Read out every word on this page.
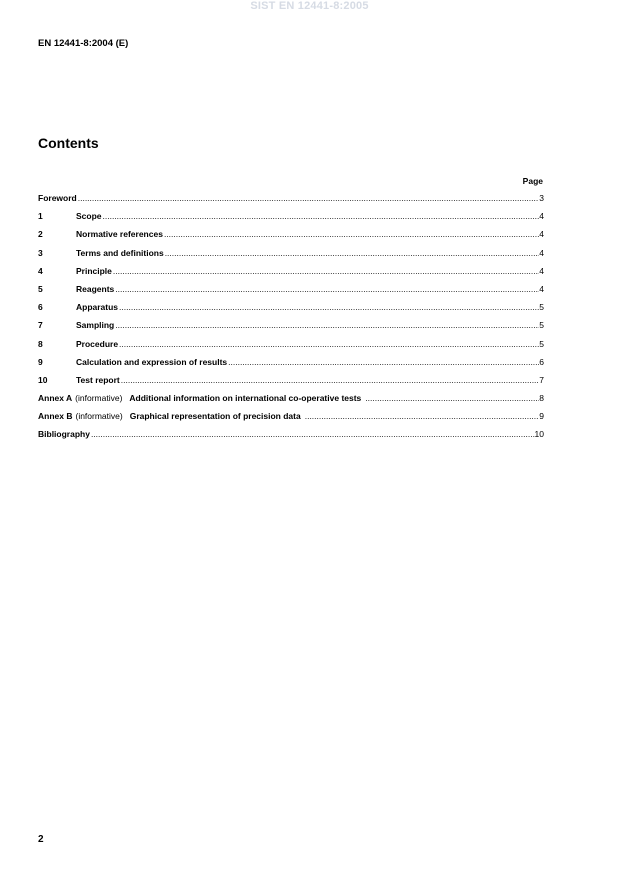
SIST EN 12441-8:2005
EN 12441-8:2004 (E)
Contents
Page
Foreword .....	3
1	Scope .....	4
2	Normative references .....	4
3	Terms and definitions .....	4
4	Principle .....	4
5	Reagents .....	4
6	Apparatus .....	5
7	Sampling .....	5
8	Procedure .....	5
9	Calculation and expression of results .....	6
10	Test report .....	7
Annex A (informative) Additional information on international co-operative tests .....	8
Annex B (informative) Graphical representation of precision data .....	9
Bibliography .....	10
2
